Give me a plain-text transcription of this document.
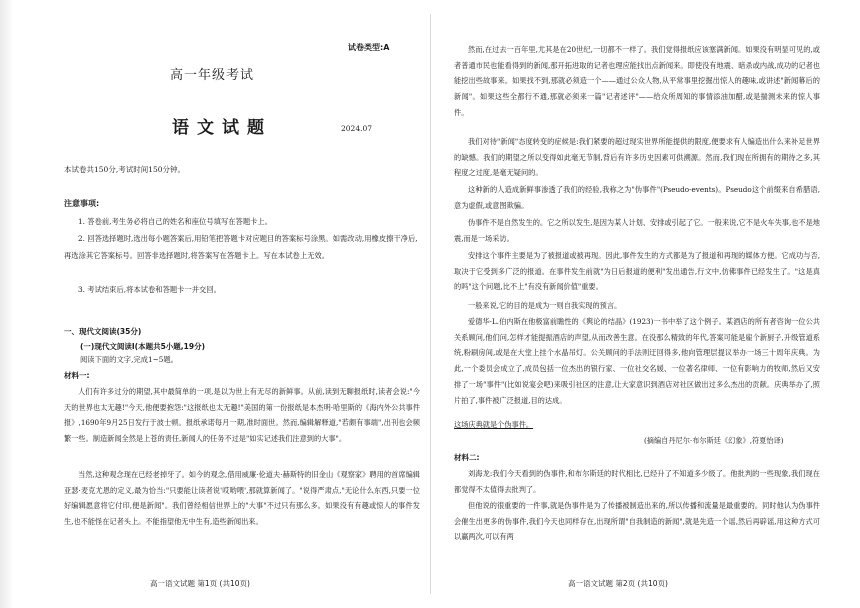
试卷类型:A
高一年级考试
语文试题	2024.07
本试卷共150分,考试时间150分钟。
注意事项:
1. 答卷前,考生务必将自己的姓名和座位号填写在答题卡上。
2. 回答选择题时,选出每小题答案后,用铅笔把答题卡对应题目的答案标号涂黑。如需改动,用橡皮擦干净后,再选涂其它答案标号。回答非选择题时,将答案写在答题卡上。写在本试卷上无效。
3. 考试结束后,将本试卷和答题卡一并交回。
一、现代文阅读(35分)
(一)现代文阅读Ⅰ(本题共5小题,19分)
阅读下面的文字,完成1~5题。
材料一:
人们有许多过分的期望,其中最简单的一项,是以为世上有无尽的新鲜事。从前,读到无聊报纸时,读者会说:"今天的世界也太无趣!"今天,他便要抱怨:"这报纸也太无趣!"美国的第一份报纸是本杰明·哈里斯的《海内外公共事件报》,1690年9月25日发行于波士顿。报纸承诺每月一期,准时面世。然而,编辑解释道,"若颇有事端",出刊也会频繁一些。制造新闻全然是上苍的责任,新闻人的任务不过是"如实记述我们注意到的大事"。
当然,这种观念现在已经老掉牙了。如今的观念,借用威廉·伦道夫·赫斯特的旧金山《观察家》聘用的首席编辑亚瑟·麦克尤恩的定义,最为恰当:"只要能让读者说'哎哟喂',那就算新闻了。"说得严肃点,"无论什么东西,只要一位好编辑愿意将它付印,便是新闻"。我们曾经相信世界上的"大事"不过只有那么多。如果没有有趣或惊人的事件发生,也不能怪在记者头上。不能指望他无中生有,造些新闻出来。
高一语文试题 第1页 (共10页)
然而,在过去一百年里,尤其是在20世纪,一切都不一样了。我们觉得报纸应该塞满新闻。如果没有明显可见的,或者普通市民也能看得到的新闻,那开拓进取的记者也理应能找出点新闻来。即使没有地震、暗杀或内战,成功的记者也能挖出些故事来。如果找不到,那就必须造一个——通过公众人物,从平常事里挖掘出惊人的趣味,或讲述"新闻幕后的新闻"。如果这些全都行不通,那就必须来一篇"记者述评"——给众所周知的事情添油加醋,或是揣测未来的惊人事件。
我们对待"新闻"态度转变的症候是:我们紧要的超过现实世界所能提供的限度,便要求有人编造出什么来补足世界的缺憾。我们的期望之所以变得如此毫无节制,背后有许多历史因素可供溯源。然而,我们现在所拥有的期待之多,其程度之过度,是毫无疑问的。
这种新的人造成新鲜事渗透了我们的经验,我称之为"伪事件"(Pseudo-events)。Pseudo这个前缀来自希腊语,意为虚假,或意图欺骗。
伪事件不是自然发生的。它之所以发生,是因为某人计划、安排或引起了它。一般来说,它不是火车失事,也不是地震,而是一场采访。
安排这个事件主要是为了被报道或被再现。因此,事件发生的方式都是为了报道和再现的媒体方便。它成功与否,取决于它受到多广泛的报道。在事件发生前就"为日后报道的便利"发出通告,行文中,仿佛事件已经发生了。"这是真的吗"这个问题,比不上"有没有新闻价值"重要。
一般来说,它的目的是成为一则自我实现的预言。
爱德华·L.伯内斯在他极富前瞻性的《舆论的结晶》(1923)一书中举了这个例子。某酒店的所有者咨询一位公共关系顾问,他们问,怎样才能提振酒店的声望,从而改善生意。在没那么精致的年代,答案可能是雇个新厨子,升级管道系统,粉刷房间,或是在大堂上挂个水晶吊灯。公关顾问的手法则迂回得多,他向管理层提议举办一场三十周年庆典。为此,一个委员会成立了,成员包括一位杰出的银行家、一位社交名媛、一位著名律师、一位有影响力的牧师,然后又安排了一场"事件"(比如说宴会吧)来吸引社区的注意,让大家意识到酒店对社区做出过多么杰出的贡献。庆典举办了,照片拍了,事件被广泛报道,目的达成。
这场庆典就是个伪事件。
(摘编自丹尼尔·布尔斯廷《幻象》,符夏怡译)
材料二:
刘海龙:我们今天看到的伪事件,和布尔斯廷的时代相比,已经升了不知道多少级了。他批判的一些现象,我们现在都觉得不太值得去批判了。
但他说的很重要的一件事,就是伪事件是为了传播被制造出来的,所以传播和流量是最重要的。同时他认为伪事件会催生出更多的伪事件,我们今天也同样存在,出现所谓"自我制造的新闻",就是先造一个谣,然后再辟谣,用这种方式可以赢两次,可以有两
高一语文试题 第2页 (共10页)
